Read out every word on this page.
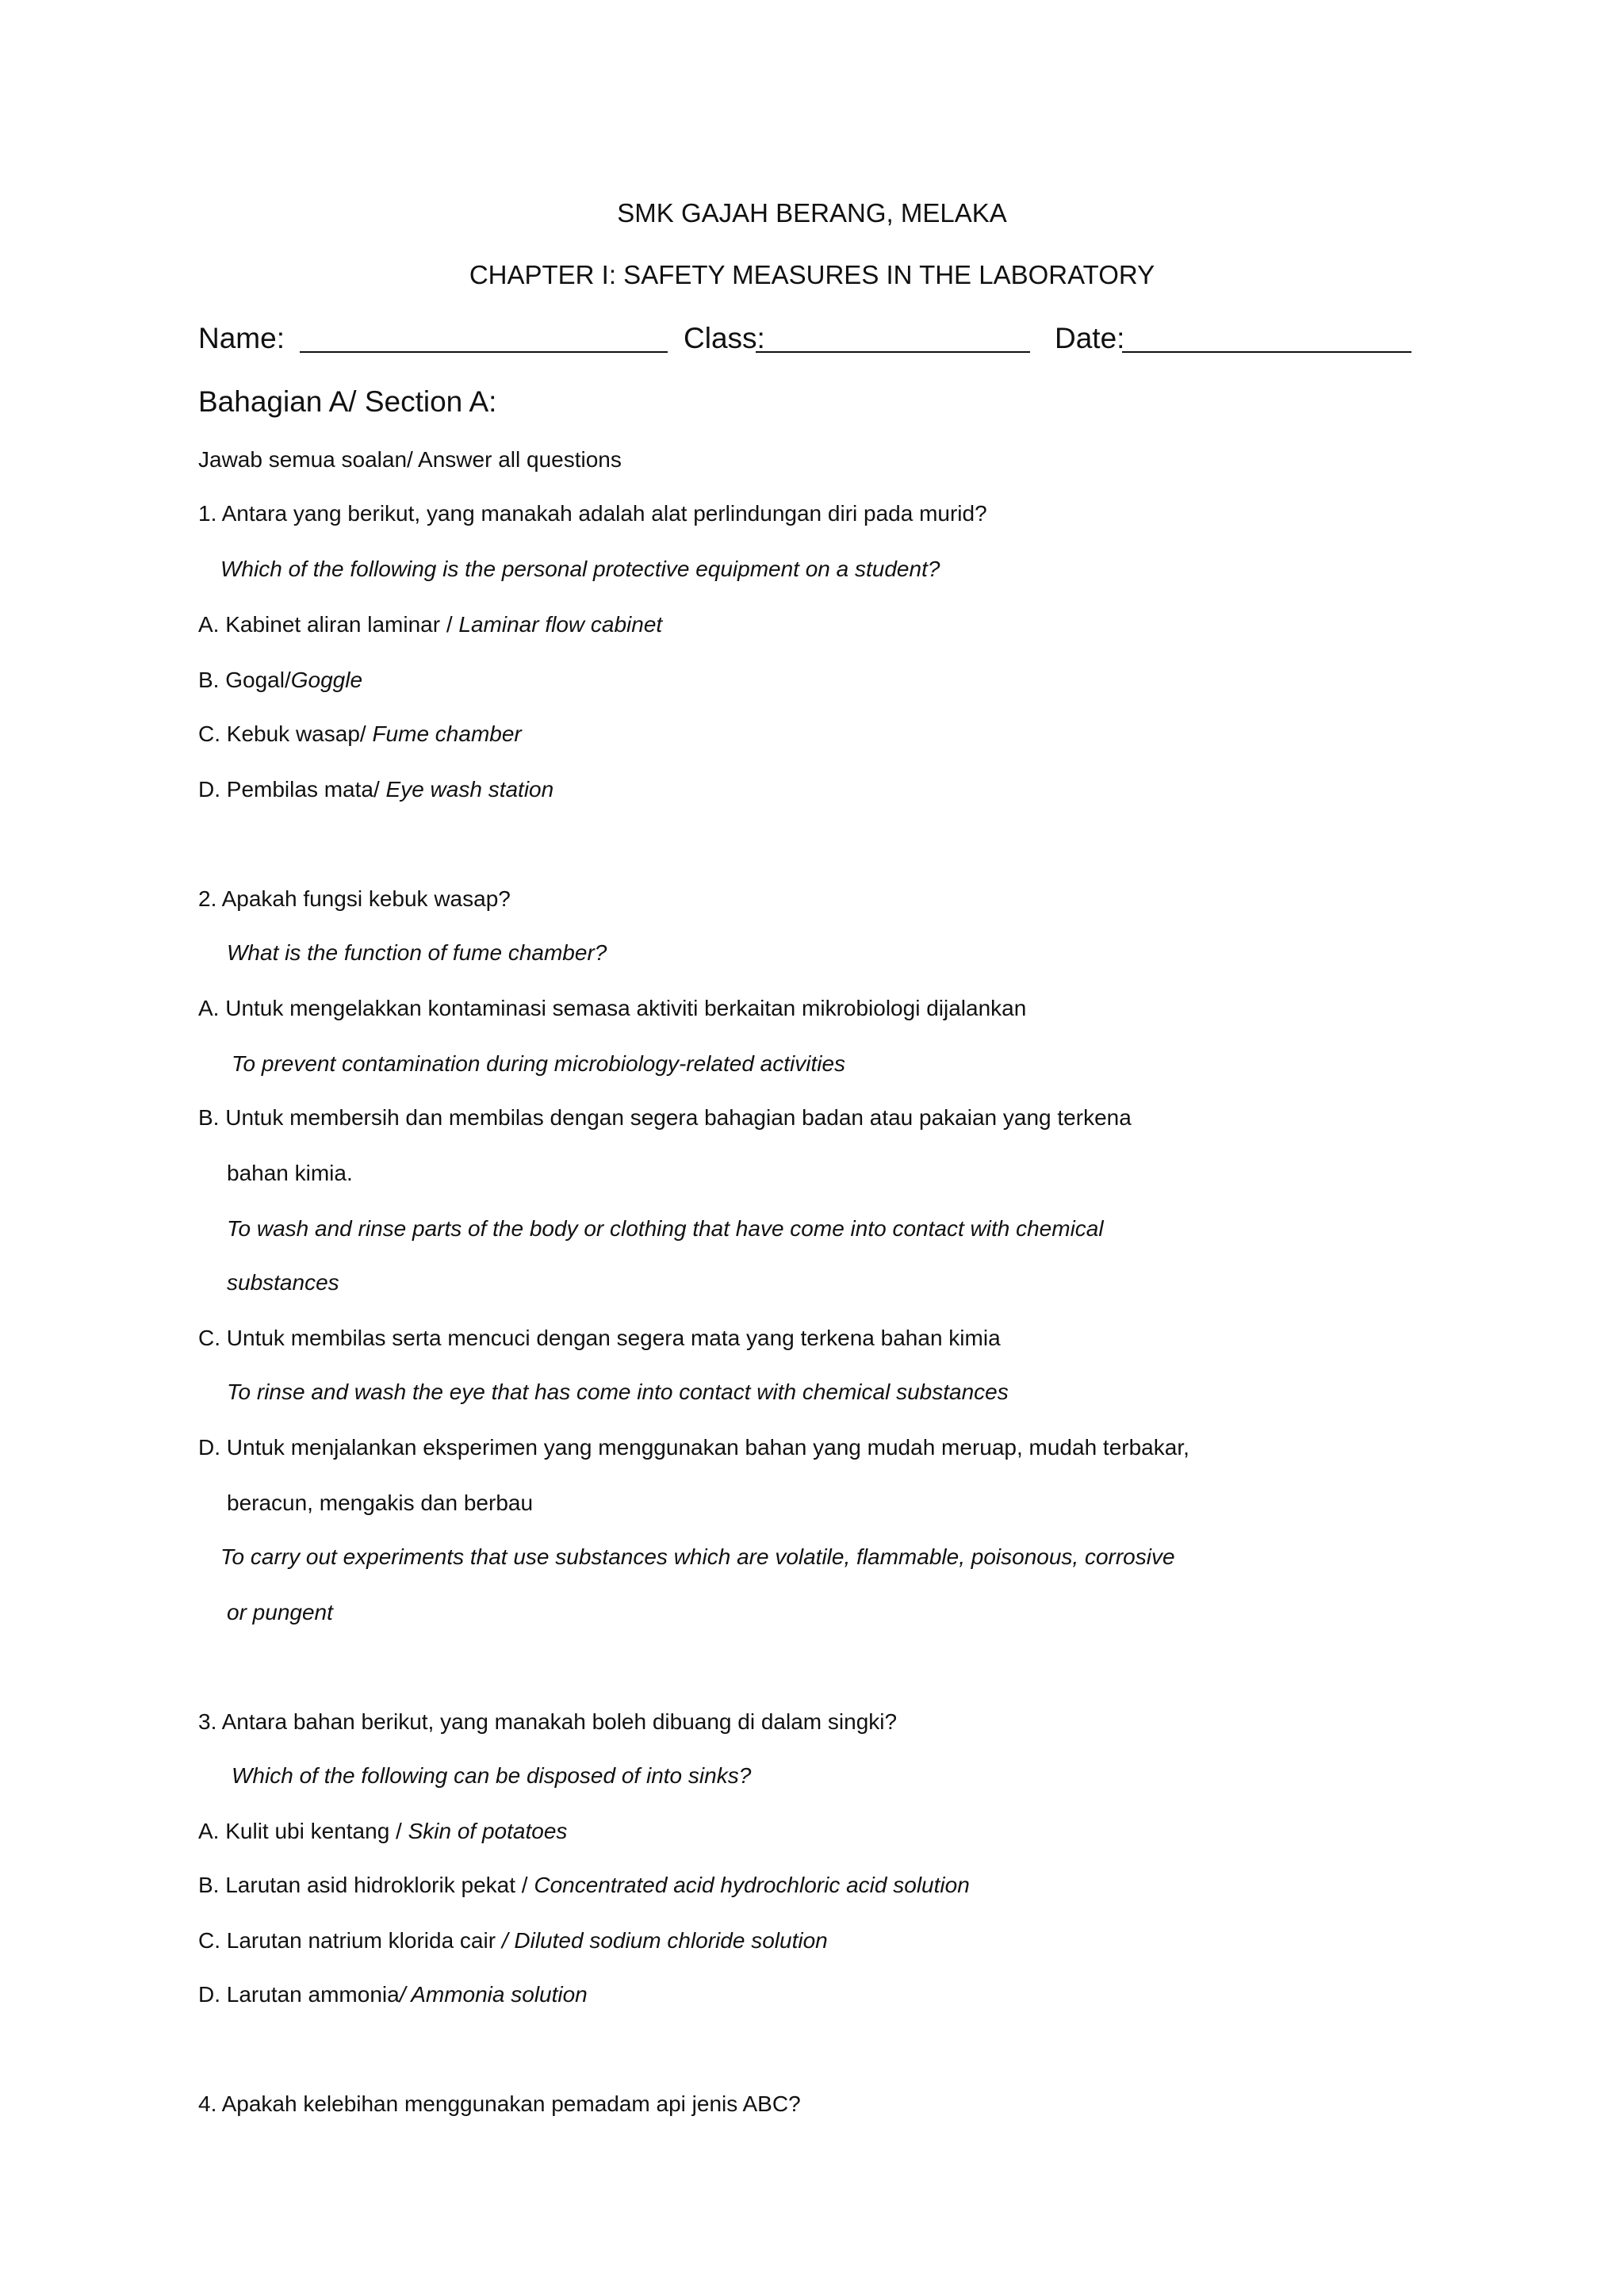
SMK GAJAH BERANG, MELAKA
CHAPTER I: SAFETY MEASURES IN THE LABORATORY
Name:	Class:	Date:
Bahagian A/ Section A:
Jawab semua soalan/ Answer all questions
1. Antara yang berikut, yang manakah adalah alat perlindungan diri pada murid?
Which of the following is the personal protective equipment on a student?
A. Kabinet aliran laminar / Laminar flow cabinet
B. Gogal/Goggle
C. Kebuk wasap/ Fume chamber
D. Pembilas mata/ Eye wash station
2. Apakah fungsi kebuk wasap?
What is the function of fume chamber?
A. Untuk mengelakkan kontaminasi semasa aktiviti berkaitan mikrobiologi dijalankan
To prevent contamination during microbiology-related activities
B. Untuk membersih dan membilas dengan segera bahagian badan atau pakaian yang terkena
bahan kimia.
To wash and rinse parts of the body or clothing that have come into contact with chemical
substances
C. Untuk membilas serta mencuci dengan segera mata yang terkena bahan kimia
To rinse and wash the eye that has come into contact with chemical substances
D. Untuk menjalankan eksperimen yang menggunakan bahan yang mudah meruap, mudah terbakar,
beracun, mengakis dan berbau
To carry out experiments that use substances which are volatile, flammable, poisonous, corrosive
or pungent
3. Antara bahan berikut, yang manakah boleh dibuang di dalam singki?
Which of the following can be disposed of into sinks?
A. Kulit ubi kentang / Skin of potatoes
B. Larutan asid hidroklorik pekat / Concentrated acid hydrochloric acid solution
C. Larutan natrium klorida cair / Diluted sodium chloride solution
D. Larutan ammonia/ Ammonia solution
4. Apakah kelebihan menggunakan pemadam api jenis ABC?
